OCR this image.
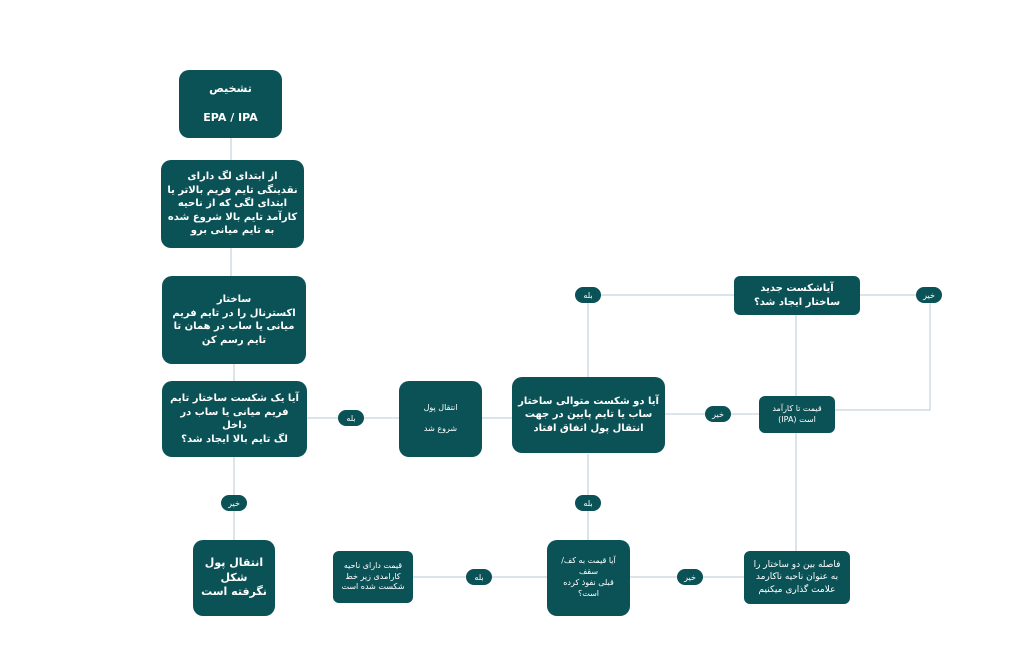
تشخیص

EPA / IPA
از ابتدای لگ دارای
نقدینگی تایم فریم بالاتر یا
ابتدای لگی که از ناحیه
کارآمد تایم بالا شروع شده
به تایم میانی برو
ساختار
اکسترنال را در تایم فریم
میانی یا ساب در همان تا
تایم رسم کن
آیا یک شکست ساختار تایم
فریم میانی یا ساب در داخل
لگ تایم بالا ایجاد شد؟
انتقال پول شکل
نگرفته است
انتقال پول

شروع شد
آیا دو شکست متوالی ساختار
ساب یا تایم پایین در جهت
انتقال پول اتفاق افتاد
آیاشکست جدید
ساختار ایجاد شد؟
قیمت تا کارآمد
است (IPA)
فاصله بین دو ساختار را
به عنوان ناحیه ناکارمد
علامت گذاری میکنیم
آیا قیمت به کف/سقف
قبلی نفوذ کرده است؟
قیمت دارای ناحیه
کارامدی زیر خط
شکست شده است
بله
خیر
خیر
بله	خیر
بله
خیر
بله
